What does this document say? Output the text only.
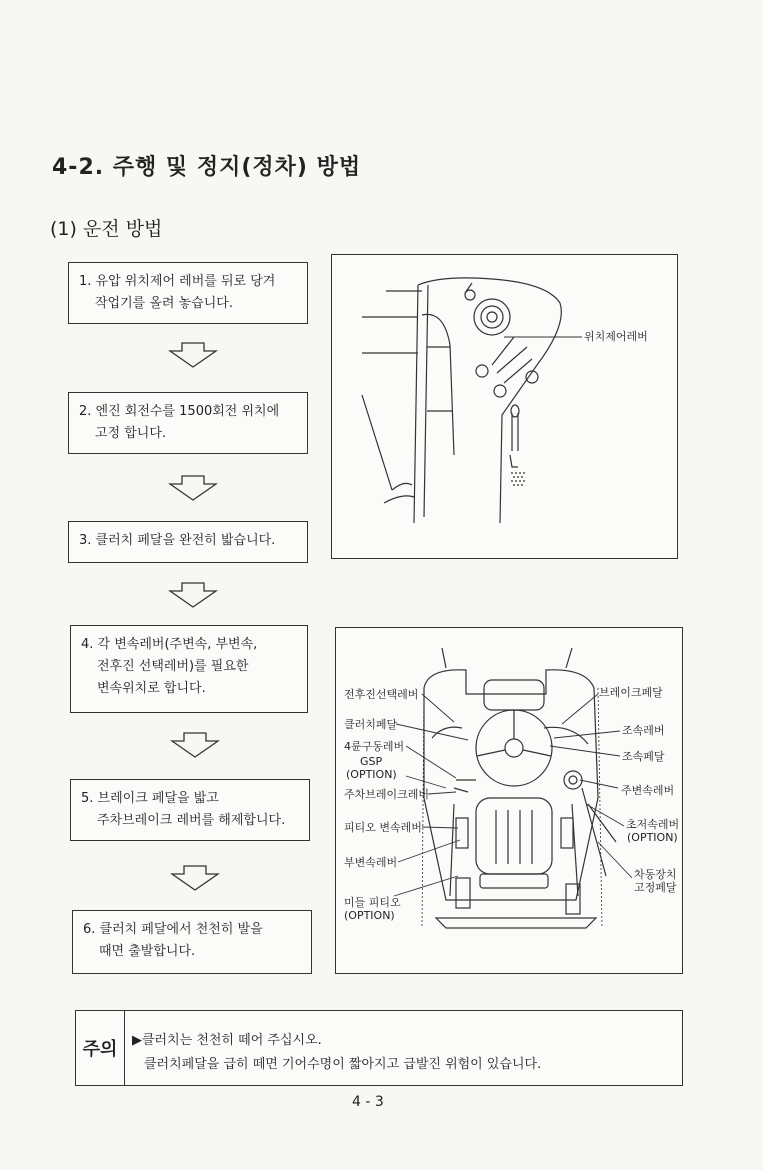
4-2. 주행 및 정지(정차) 방법
(1) 운전 방법
1. 유압 위치제어 레버를 뒤로 당겨
작업기를 올려 놓습니다.
2. 엔진 회전수를 1500회전 위치에
고정 합니다.
3. 클러치 페달을 완전히 밟습니다.
4. 각 변속레버(주변속, 부변속,
전후진 선택레버)를 필요한
변속위치로 합니다.
5. 브레이크 페달을 밟고
주차브레이크 레버를 해제합니다.
6. 클러치 페달에서 천천히 발을
때면 출발합니다.
위치제어레버
전후진선택레버
클러치페달
4륜구동레버
GSP
(OPTION)
주차브레이크레버
피티오 변속레버
부변속레버
미들 피티오
(OPTION)
브레이크페달
조속레버
조속페달
주변속레버
초저속레버
(OPTION)
차동장치
고정페달
주의	▶클러치는 천천히 떼어 주십시오.
클러치페달을 급히 떼면 기어수명이 짧아지고 급발진 위험이 있습니다.
4 - 3
